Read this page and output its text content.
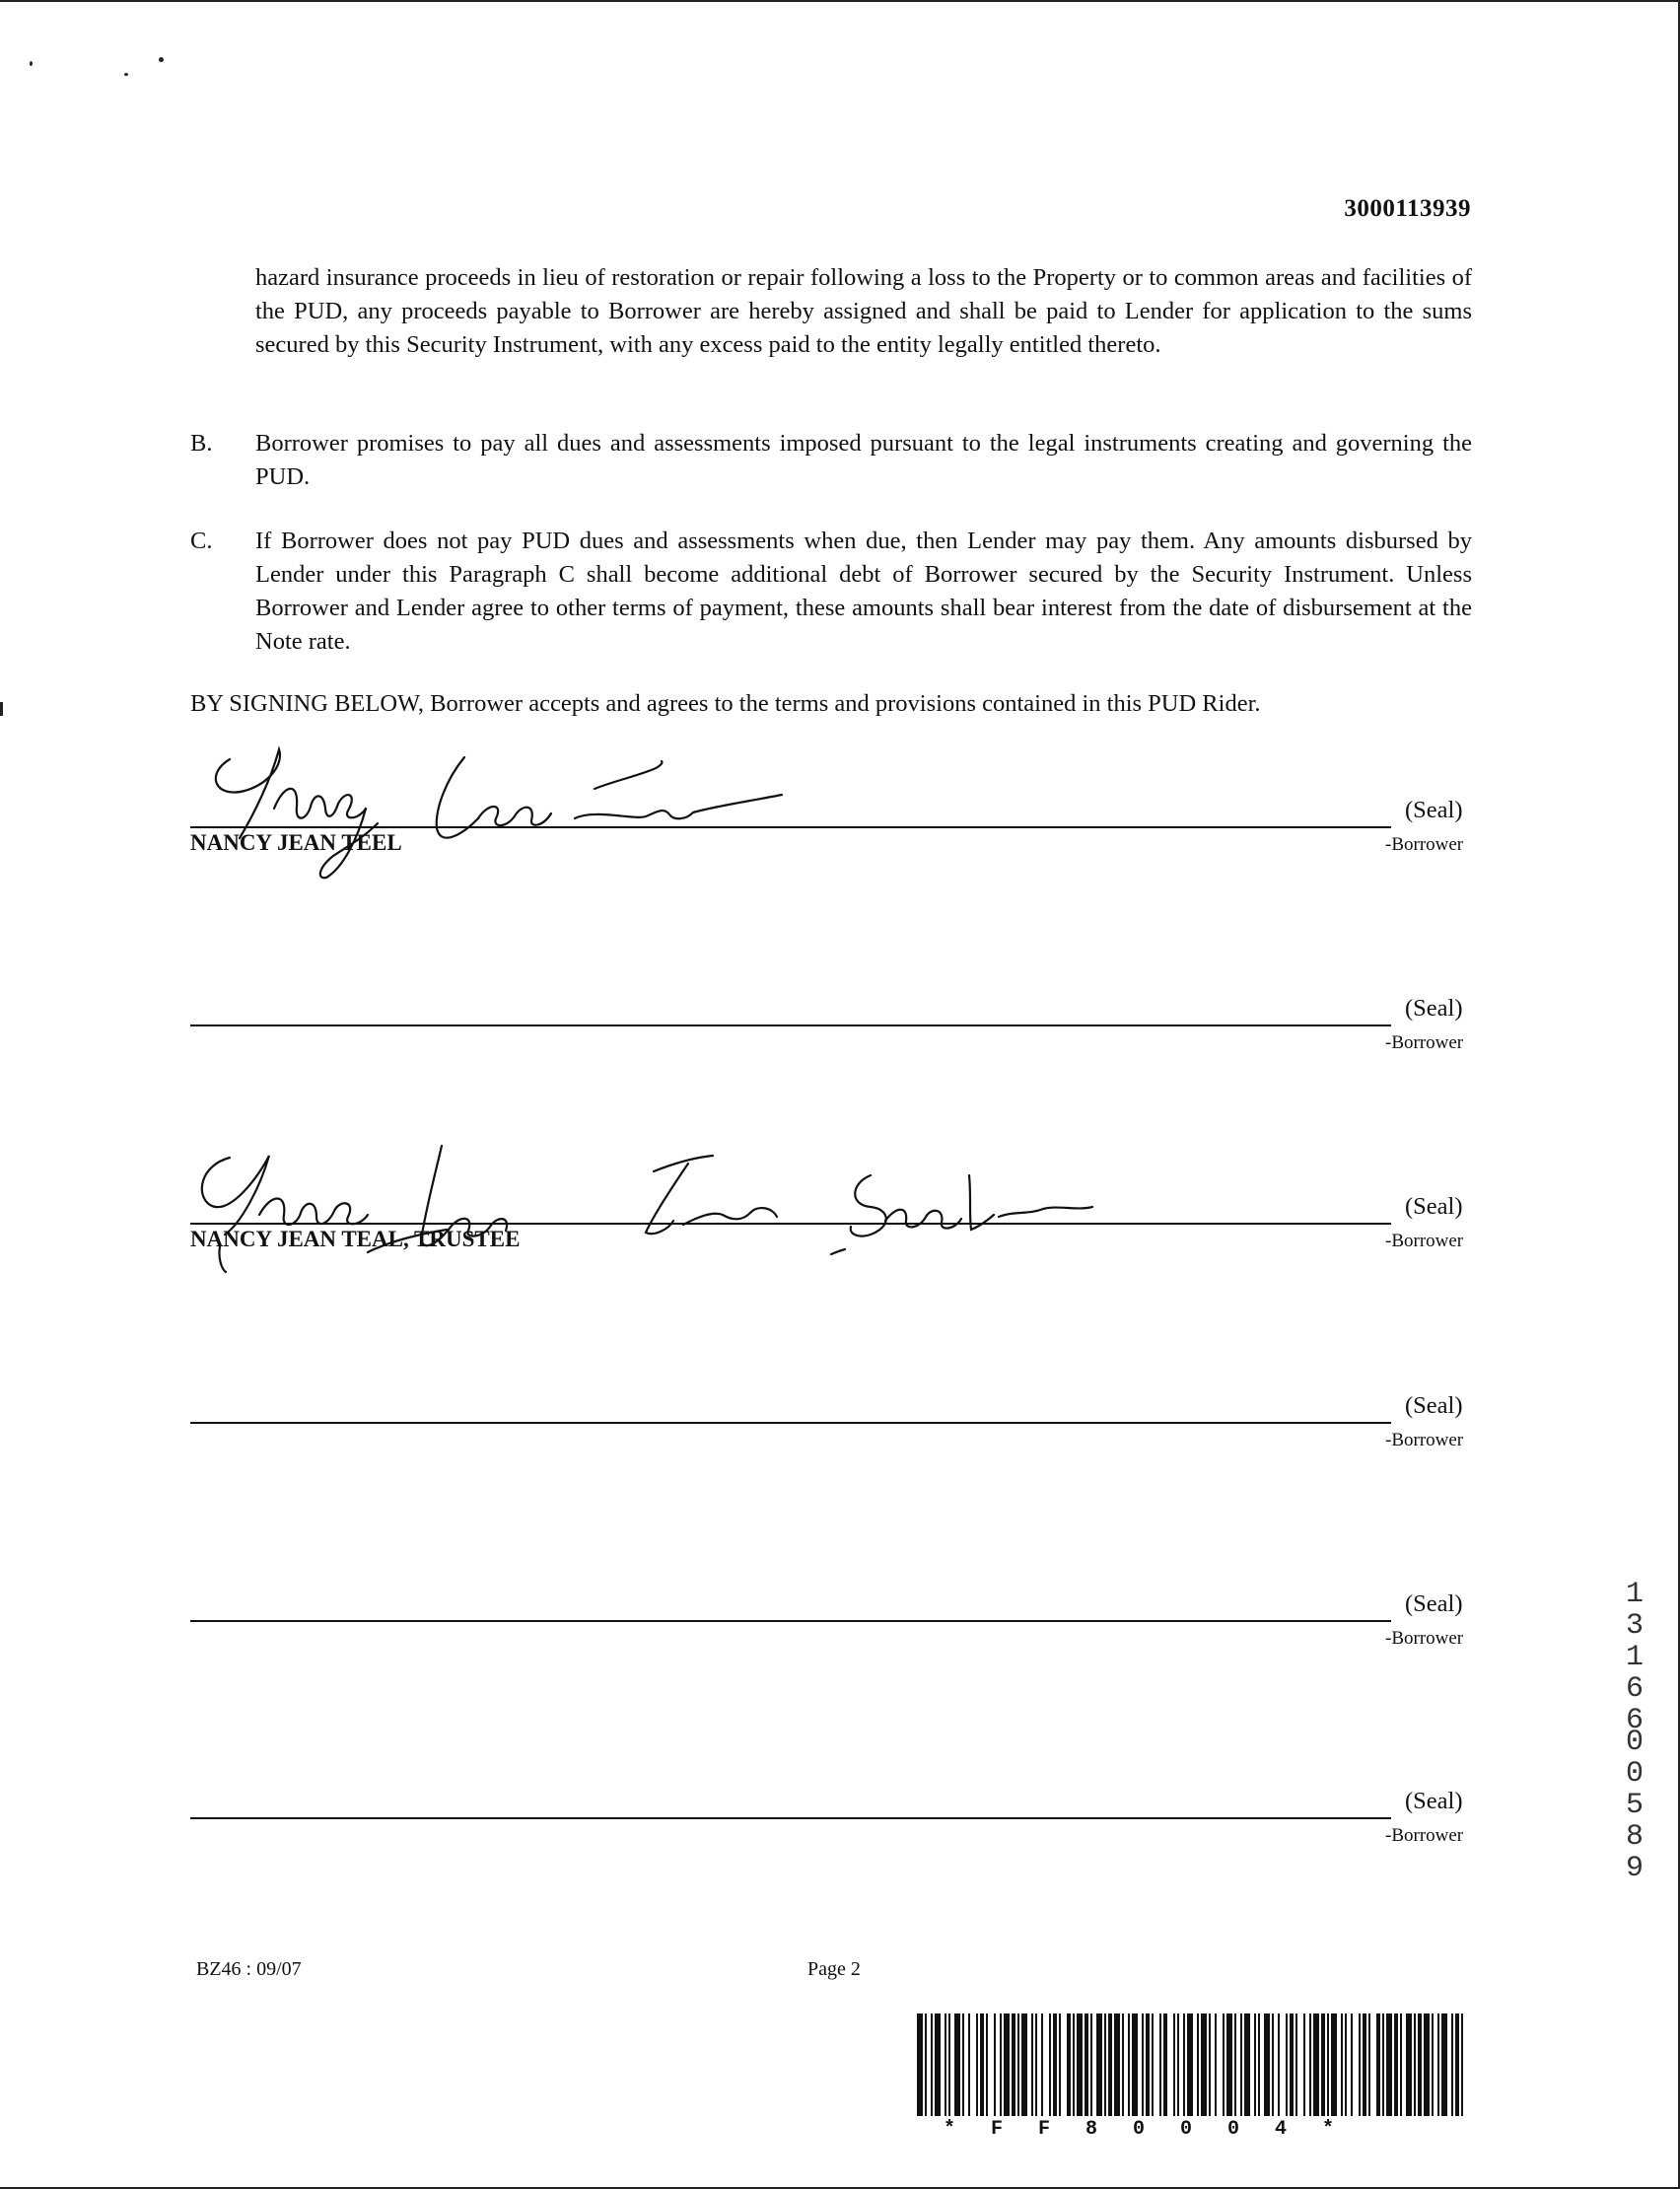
3000113939
hazard insurance proceeds in lieu of restoration or repair following a loss to the Property or to common areas and facilities of the PUD, any proceeds payable to Borrower are hereby assigned and shall be paid to Lender for application to the sums secured by this Security Instrument, with any excess paid to the entity legally entitled thereto.
B. Borrower promises to pay all dues and assessments imposed pursuant to the legal instruments creating and governing the PUD.
C. If Borrower does not pay PUD dues and assessments when due, then Lender may pay them. Any amounts disbursed by Lender under this Paragraph C shall become additional debt of Borrower secured by the Security Instrument. Unless Borrower and Lender agree to other terms of payment, these amounts shall bear interest from the date of disbursement at the Note rate.
BY SIGNING BELOW, Borrower accepts and agrees to the terms and provisions contained in this PUD Rider.
(Seal)
-Borrower
NANCY JEAN TEEL
(Seal)
-Borrower
(Seal)
-Borrower
NANCY JEAN TEAL, TRUSTEE
(Seal)
-Borrower
(Seal)
-Borrower
(Seal)
-Borrower
BZ46 : 09/07	Page 2
*FF80004*
13166
00589
